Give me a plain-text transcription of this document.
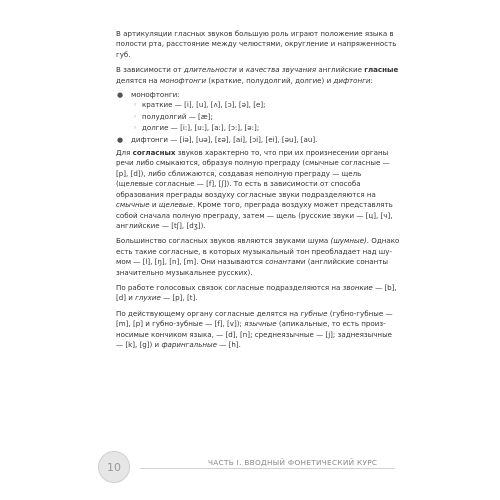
В артикуляции гласных звуков большую роль играют положение языка в полости рта, расстояние между челюстями, округление и напряженность губ.

В зависимости от длительности и качества звучания английские гласные делятся на монофтонги (краткие, полудолгий, долгие) и дифтонги:

● монофтонги:
◦ краткие — [i], [u], [ʌ], [ɔ], [ə], [e];
◦ полудолгий — [æ];
◦ долгие — [i:], [u:], [a:], [ɔ:], [ə:];
● дифтонги — [iə], [uə], [εə], [ai], [ɔi], [ei], [əu], [au].

Для согласных звуков характерно то, что при их произнесении органы речи либо смыкаются, образуя полную преграду (смычные согласные — [p], [d]), либо сближаются, создавая неполную преграду — щель (щелевые согласные — [f], [ʃ]). То есть в зависимости от способа образования преграды воздуху согласные звуки подразделяются на смычные и щелевые. Кроме того, преграда воздуху может представлять собой сначала полную преграду, затем — щель (русские звуки — [ц], [ч], английские — [tʃ], [dʒ]).

Большинство согласных звуков являются звуками шума (шумные). Однако есть такие согласные, в которых музыкальный тон преобладает над шумом — [l], [ŋ], [n], [m]. Они называются сонантами (английские сонанты значительно музыкальнее русских).

По работе голосовых связок согласные подразделяются на звонкие — [b], [d] и глухие — [p], [t].

По действующему органу согласные делятся на губные (губно-губные — [m], [p] и губно-зубные — [f], [v]); язычные (апикальные, то есть произносимые кончиком языка, — [d], [n]; среднеязычные — [j]; заднеязычные — [k], [g]) и фарингальные — [h].

10	ЧАСТЬ I. ВВОДНЫЙ ФОНЕТИЧЕСКИЙ КУРС
